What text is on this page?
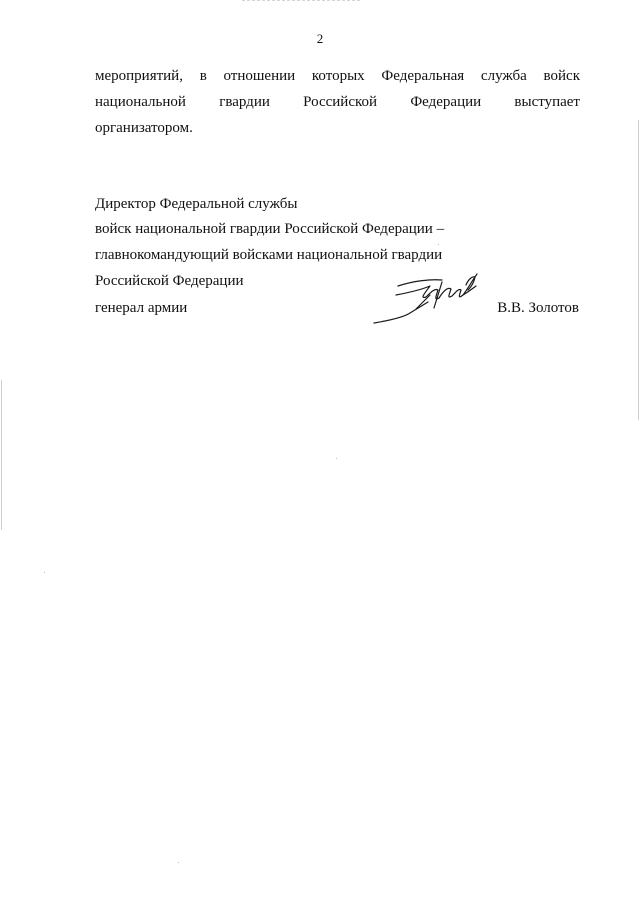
2
мероприятий, в отношении которых Федеральная служба войск
национальной гвардии Российской Федерации выступает
организатором.
Директор Федеральной службы
войск национальной гвардии Российской Федерации –
главнокомандующий войсками национальной гвардии
Российской Федерации
генерал армии	В.В. Золотов
